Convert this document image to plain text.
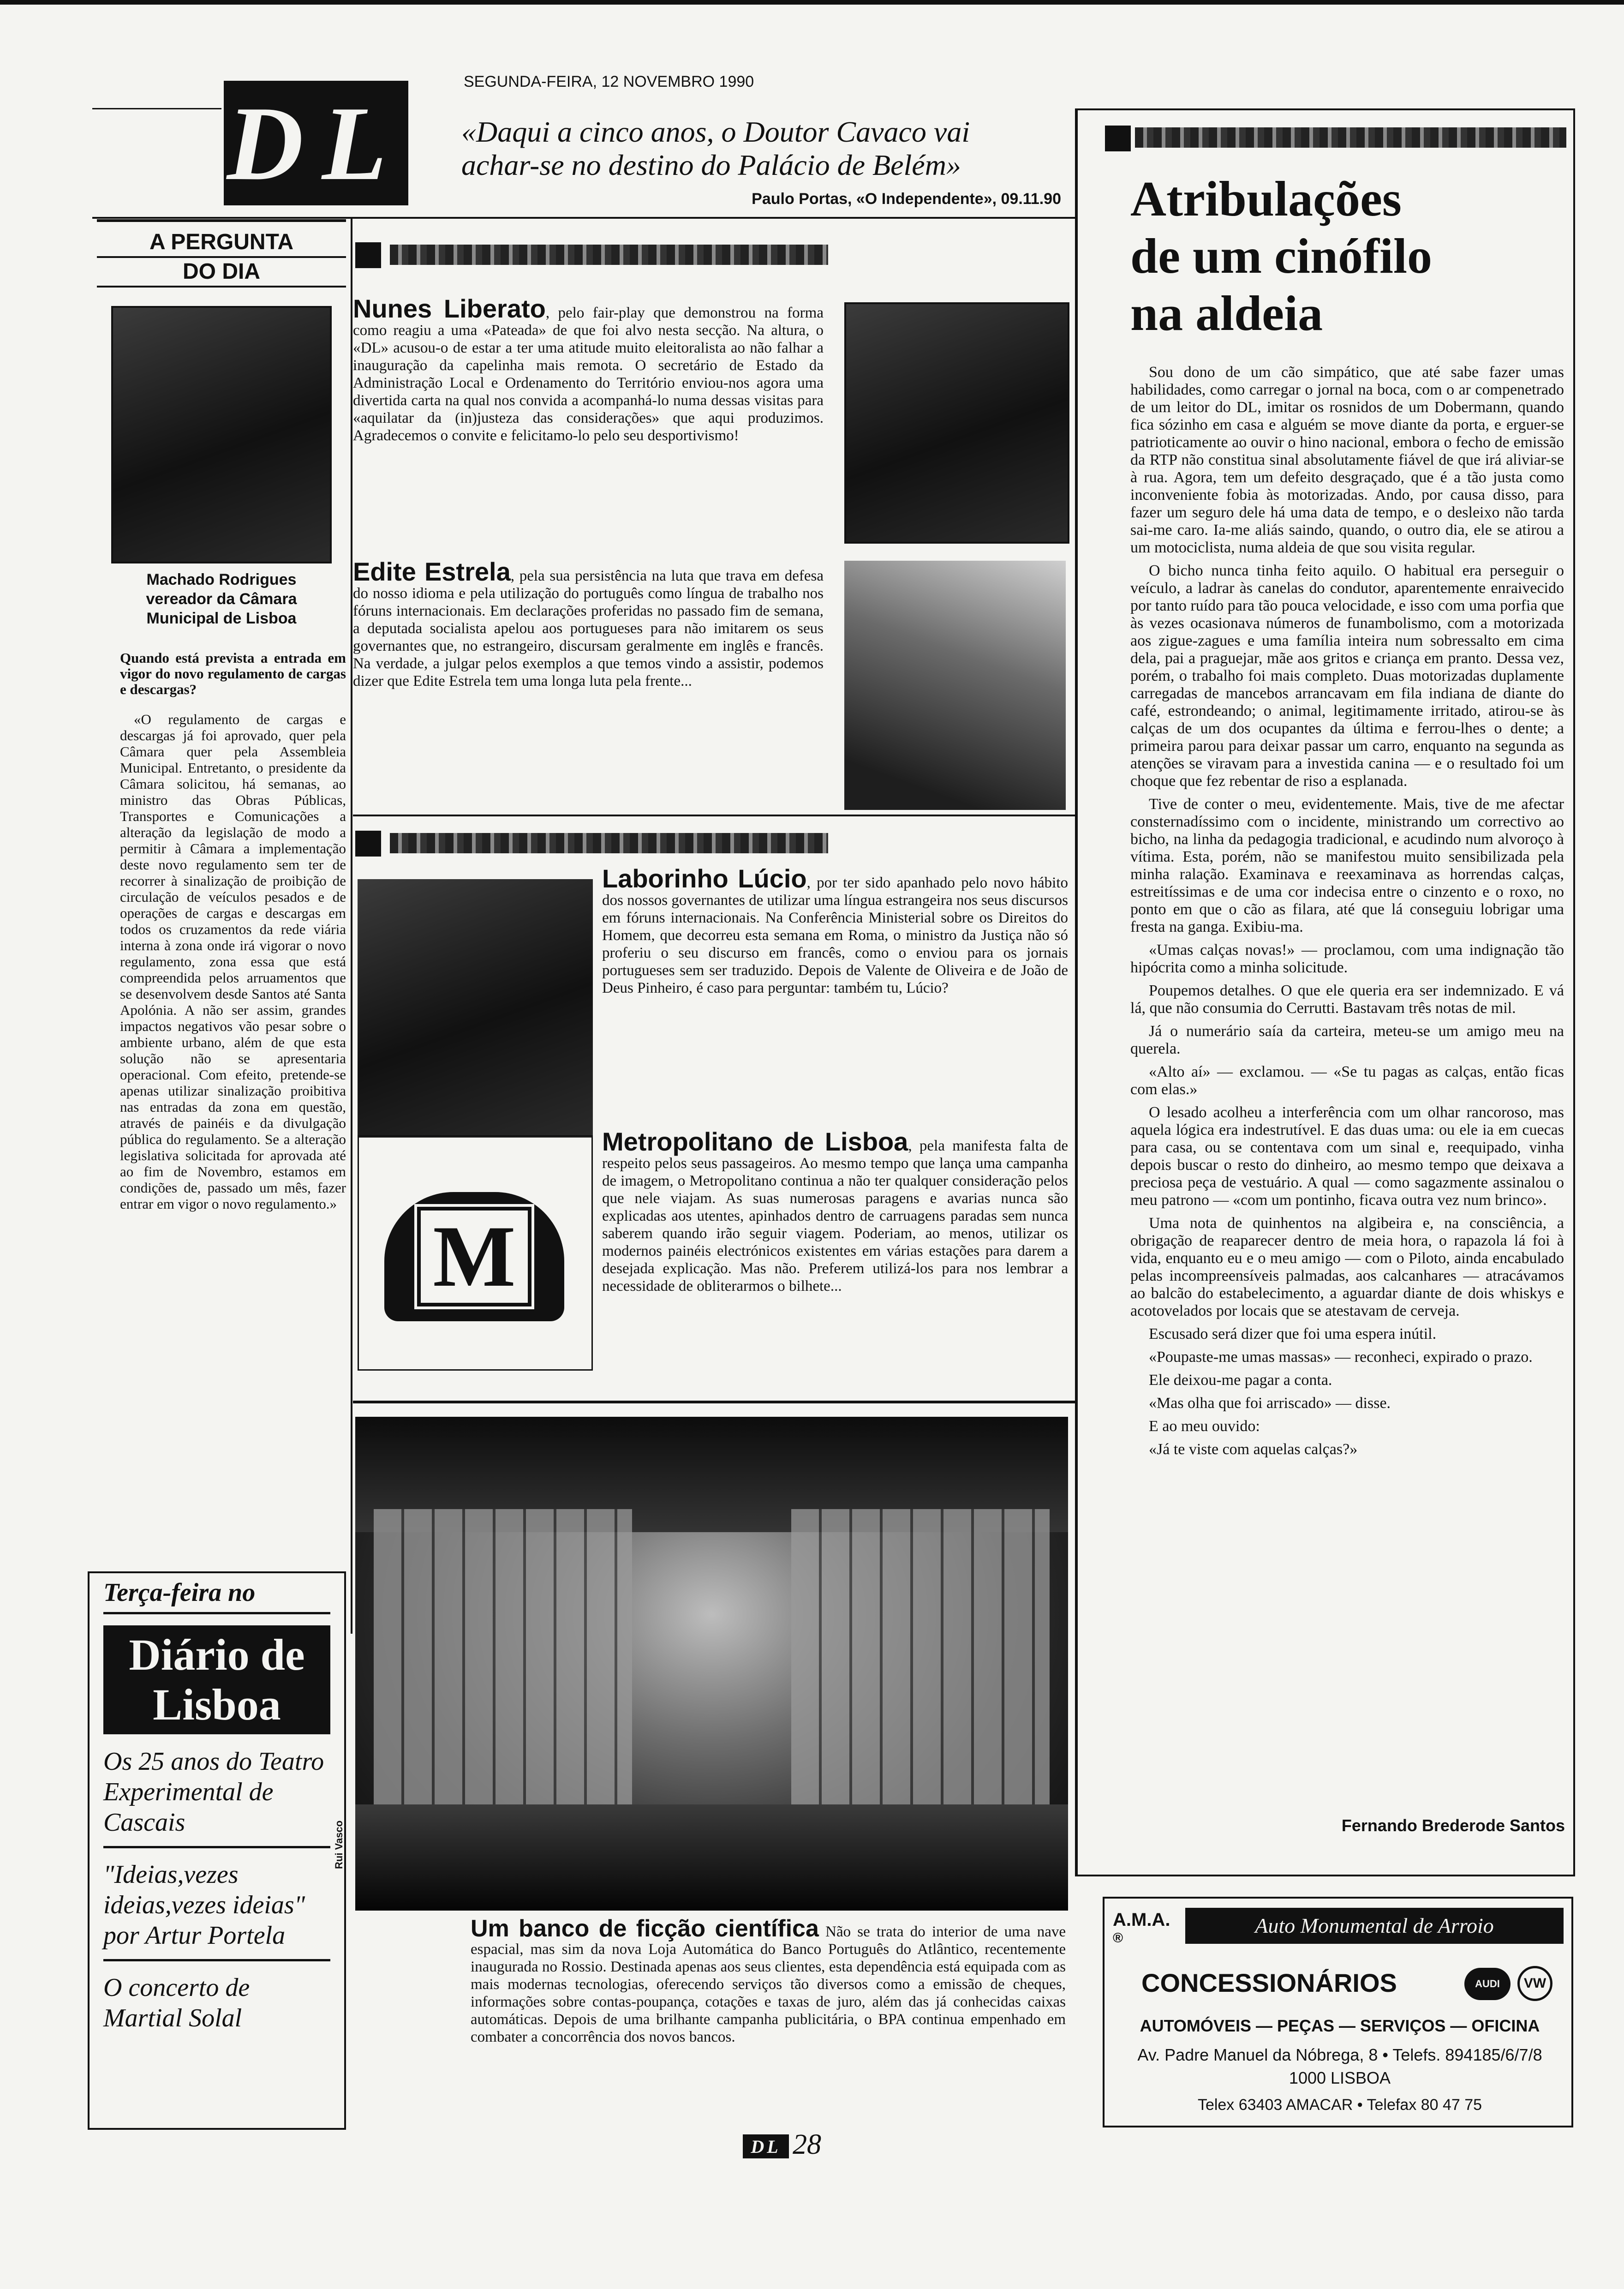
DL
SEGUNDA-FEIRA, 12 NOVEMBRO 1990
«Daqui a cinco anos, o Doutor Cavaco vai achar-se no destino do Palácio de Belém»
Paulo Portas, «O Independente», 09.11.90
A PERGUNTA
DO DIA
Machado Rodrigues
vereador da Câmara
Municipal de Lisboa
Quando está prevista a entrada em vigor do novo regulamento de cargas e descargas?
«O regulamento de cargas e descargas já foi aprovado, quer pela Câmara quer pela Assembleia Municipal. Entretanto, o presidente da Câmara solicitou, há semanas, ao ministro das Obras Públicas, Transportes e Comunicações a alteração da legislação de modo a permitir à Câmara a implementação deste novo regulamento sem ter de recorrer à sinalização de proibição de circulação de veículos pesados e de operações de cargas e descargas em todos os cruzamentos da rede viária interna à zona onde irá vigorar o novo regulamento, zona essa que está compreendida pelos arruamentos que se desenvolvem desde Santos até Santa Apolónia. A não ser assim, grandes impactos negativos vão pesar sobre o ambiente urbano, além de que esta solução não se apresentaria operacional. Com efeito, pretende-se apenas utilizar sinalização proibitiva nas entradas da zona em questão, através de painéis e da divulgação pública do regulamento. Se a alteração legislativa solicitada for aprovada até ao fim de Novembro, estamos em condições de, passado um mês, fazer entrar em vigor o novo regulamento.»
Terça-feira no
Diário de Lisboa
Os 25 anos do Teatro Experimental de Cascais
"Ideias,vezes ideias,vezes ideias" por Artur Portela
O concerto de Martial Solal
Nunes Liberato, pelo fair-play que demonstrou na forma como reagiu a uma «Pateada» de que foi alvo nesta secção. Na altura, o «DL» acusou-o de estar a ter uma atitude muito eleitoralista ao não falhar a inauguração da capelinha mais remota. O secretário de Estado da Administração Local e Ordenamento do Território enviou-nos agora uma divertida carta na qual nos convida a acompanhá-lo numa dessas visitas para «aquilatar da (in)justeza das considerações» que aqui produzimos. Agradecemos o convite e felicitamo-lo pelo seu desportivismo!
Edite Estrela, pela sua persistência na luta que trava em defesa do nosso idioma e pela utilização do português como língua de trabalho nos fóruns internacionais. Em declarações proferidas no passado fim de semana, a deputada socialista apelou aos portugueses para não imitarem os seus governantes que, no estrangeiro, discursam geralmente em inglês e francês. Na verdade, a julgar pelos exemplos a que temos vindo a assistir, podemos dizer que Edite Estrela tem uma longa luta pela frente...
Laborinho Lúcio, por ter sido apanhado pelo novo hábito dos nossos governantes de utilizar uma língua estrangeira nos seus discursos em fóruns internacionais. Na Conferência Ministerial sobre os Direitos do Homem, que decorreu esta semana em Roma, o ministro da Justiça não só proferiu o seu discurso em francês, como o enviou para os jornais portugueses sem ser traduzido. Depois de Valente de Oliveira e de João de Deus Pinheiro, é caso para perguntar: também tu, Lúcio?
M
Metropolitano de Lisboa, pela manifesta falta de respeito pelos seus passageiros. Ao mesmo tempo que lança uma campanha de imagem, o Metropolitano continua a não ter qualquer consideração pelos que nele viajam. As suas numerosas paragens e avarias nunca são explicadas aos utentes, apinhados dentro de carruagens paradas sem nunca saberem quando irão seguir viagem. Poderiam, ao menos, utilizar os modernos painéis electrónicos existentes em várias estações para darem a desejada explicação. Mas não. Preferem utilizá-los para nos lembrar a necessidade de obliterarmos o bilhete...
Rui Vasco
Um banco de ficção científica Não se trata do interior de uma nave espacial, mas sim da nova Loja Automática do Banco Português do Atlântico, recentemente inaugurada no Rossio. Destinada apenas aos seus clientes, esta dependência está equipada com as mais modernas tecnologias, oferecendo serviços tão diversos como a emissão de cheques, informações sobre contas-poupança, cotações e taxas de juro, além das já conhecidas caixas automáticas. Depois de uma brilhante campanha publicitária, o BPA continua empenhado em combater a concorrência dos novos bancos.
Atribulações
de um cinófilo
na aldeia

Sou dono de um cão simpático, que até sabe fazer umas habilidades, como carregar o jornal na boca, com o ar compenetrado de um leitor do DL, imitar os rosnidos de um Dobermann, quando fica sózinho em casa e alguém se move diante da porta, e erguer-se patrioticamente ao ouvir o hino nacional, embora o fecho de emissão da RTP não constitua sinal absolutamente fiável de que irá aliviar-se à rua. Agora, tem um defeito desgraçado, que é a tão justa como inconveniente fobia às motorizadas. Ando, por causa disso, para fazer um seguro dele há uma data de tempo, e o desleixo não tarda sai-me caro. Ia-me aliás saindo, quando, o outro dia, ele se atirou a um motociclista, numa aldeia de que sou visita regular.

O bicho nunca tinha feito aquilo. O habitual era perseguir o veículo, a ladrar às canelas do condutor, aparentemente enraivecido por tanto ruído para tão pouca velocidade, e isso com uma porfia que às vezes ocasionava números de funambolismo, com a motorizada aos zigue-zagues e uma família inteira num sobressalto em cima dela, pai a praguejar, mãe aos gritos e criança em pranto. Dessa vez, porém, o trabalho foi mais completo. Duas motorizadas duplamente carregadas de mancebos arrancavam em fila indiana de diante do café, estrondeando; o animal, legitimamente irritado, atirou-se às calças de um dos ocupantes da última e ferrou-lhes o dente; a primeira parou para deixar passar um carro, enquanto na segunda as atenções se viravam para a investida canina — e o resultado foi um choque que fez rebentar de riso a esplanada.

Tive de conter o meu, evidentemente. Mais, tive de me afectar consternadíssimo com o incidente, ministrando um correctivo ao bicho, na linha da pedagogia tradicional, e acudindo num alvoroço à vítima. Esta, porém, não se manifestou muito sensibilizada pela minha ralação. Examinava e reexaminava as horrendas calças, estreitíssimas e de uma cor indecisa entre o cinzento e o roxo, no ponto em que o cão as filara, até que lá conseguiu lobrigar uma fresta na ganga. Exibiu-ma.

«Umas calças novas!» — proclamou, com uma indignação tão hipócrita como a minha solicitude.

Poupemos detalhes. O que ele queria era ser indemnizado. E vá lá, que não consumia do Cerrutti. Bastavam três notas de mil.

Já o numerário saía da carteira, meteu-se um amigo meu na querela.

«Alto aí» — exclamou. — «Se tu pagas as calças, então ficas com elas.»

O lesado acolheu a interferência com um olhar rancoroso, mas aquela lógica era indestrutível. E das duas uma: ou ele ia em cuecas para casa, ou se contentava com um sinal e, reequipado, vinha depois buscar o resto do dinheiro, ao mesmo tempo que deixava a preciosa peça de vestuário. A qual — como sagazmente assinalou o meu patrono — «com um pontinho, ficava outra vez num brinco».

Uma nota de quinhentos na algibeira e, na consciência, a obrigação de reaparecer dentro de meia hora, o rapazola lá foi à vida, enquanto eu e o meu amigo — com o Piloto, ainda encabulado pelas incompreensíveis palmadas, aos calcanhares — atracávamos ao balcão do estabelecimento, a aguardar diante de dois whiskys e acotovelados por locais que se atestavam de cerveja.

Escusado será dizer que foi uma espera inútil.

«Poupaste-me umas massas» — reconheci, expirado o prazo.

Ele deixou-me pagar a conta.

«Mas olha que foi arriscado» — disse.

E ao meu ouvido:

«Já te viste com aquelas calças?»

Fernando Brederode Santos
A.M.A.
®
Auto Monumental de Arroio
CONCESSIONÁRIOS	AUDI	VW
AUTOMÓVEIS — PEÇAS — SERVIÇOS — OFICINA
Av. Padre Manuel da Nóbrega, 8 • Telefs. 894185/6/7/8
1000 LISBOA
Telex 63403 AMACAR • Telefax 80 47 75
DL 28
